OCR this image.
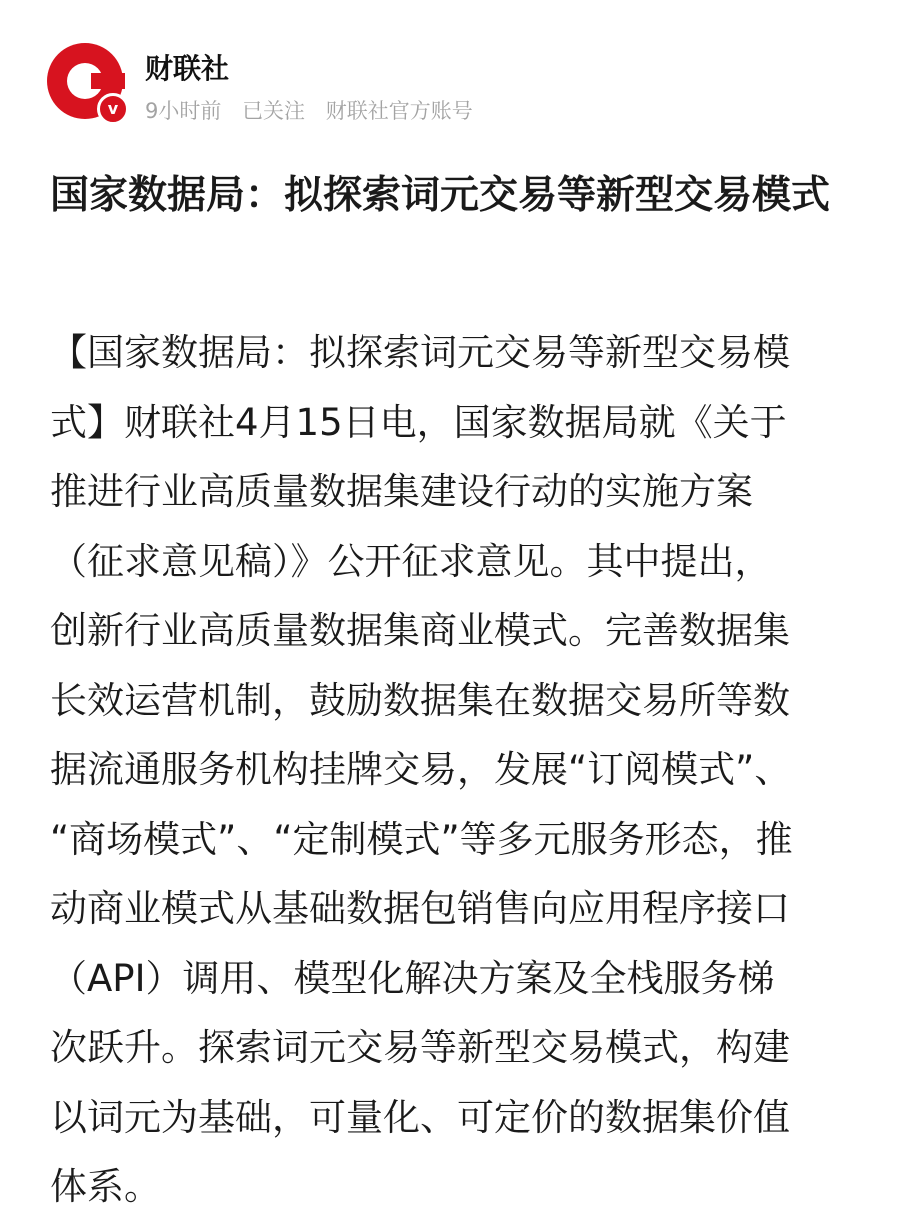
v
财联社
9小时前 已关注 财联社官方账号
国家数据局：拟探索词元交易等新型交易模式
【国家数据局：拟探索词元交易等新型交易模
式】财联社4月15日电，国家数据局就《关于
推进行业高质量数据集建设行动的实施方案
（征求意见稿）》公开征求意见。其中提出，
创新行业高质量数据集商业模式。完善数据集
长效运营机制，鼓励数据集在数据交易所等数
据流通服务机构挂牌交易，发展“订阅模式”、
“商场模式”、“定制模式”等多元服务形态，推
动商业模式从基础数据包销售向应用程序接口
（API）调用、模型化解决方案及全栈服务梯
次跃升。探索词元交易等新型交易模式，构建
以词元为基础，可量化、可定价的数据集价值
体系。
